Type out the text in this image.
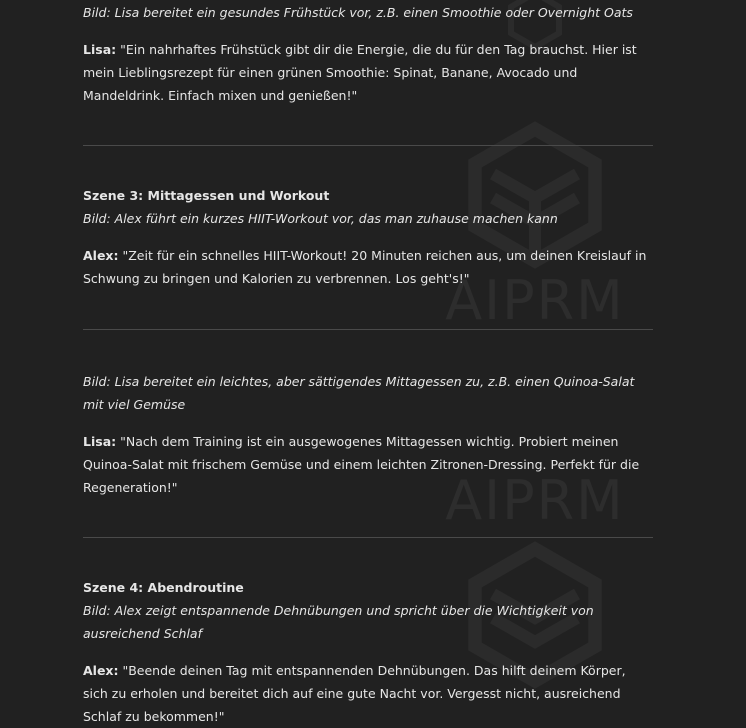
AIPRM
AIPRM

Bild: Lisa bereitet ein gesundes Frühstück vor, z.B. einen Smoothie oder Overnight Oats

Lisa: "Ein nahrhaftes Frühstück gibt dir die Energie, die du für den Tag brauchst. Hier ist mein Lieblingsrezept für einen grünen Smoothie: Spinat, Banane, Avocado und Mandeldrink. Einfach mixen und genießen!"

Szene 3: Mittagessen und Workout

Bild: Alex führt ein kurzes HIIT-Workout vor, das man zuhause machen kann

Alex: "Zeit für ein schnelles HIIT-Workout! 20 Minuten reichen aus, um deinen Kreislauf in Schwung zu bringen und Kalorien zu verbrennen. Los geht's!"

Bild: Lisa bereitet ein leichtes, aber sättigendes Mittagessen zu, z.B. einen Quinoa-Salat mit viel Gemüse

Lisa: "Nach dem Training ist ein ausgewogenes Mittagessen wichtig. Probiert meinen Quinoa-Salat mit frischem Gemüse und einem leichten Zitronen-Dressing. Perfekt für die Regeneration!"

Szene 4: Abendroutine

Bild: Alex zeigt entspannende Dehnübungen und spricht über die Wichtigkeit von ausreichend Schlaf

Alex: "Beende deinen Tag mit entspannenden Dehnübungen. Das hilft deinem Körper, sich zu erholen und bereitet dich auf eine gute Nacht vor. Vergesst nicht, ausreichend Schlaf zu bekommen!"
